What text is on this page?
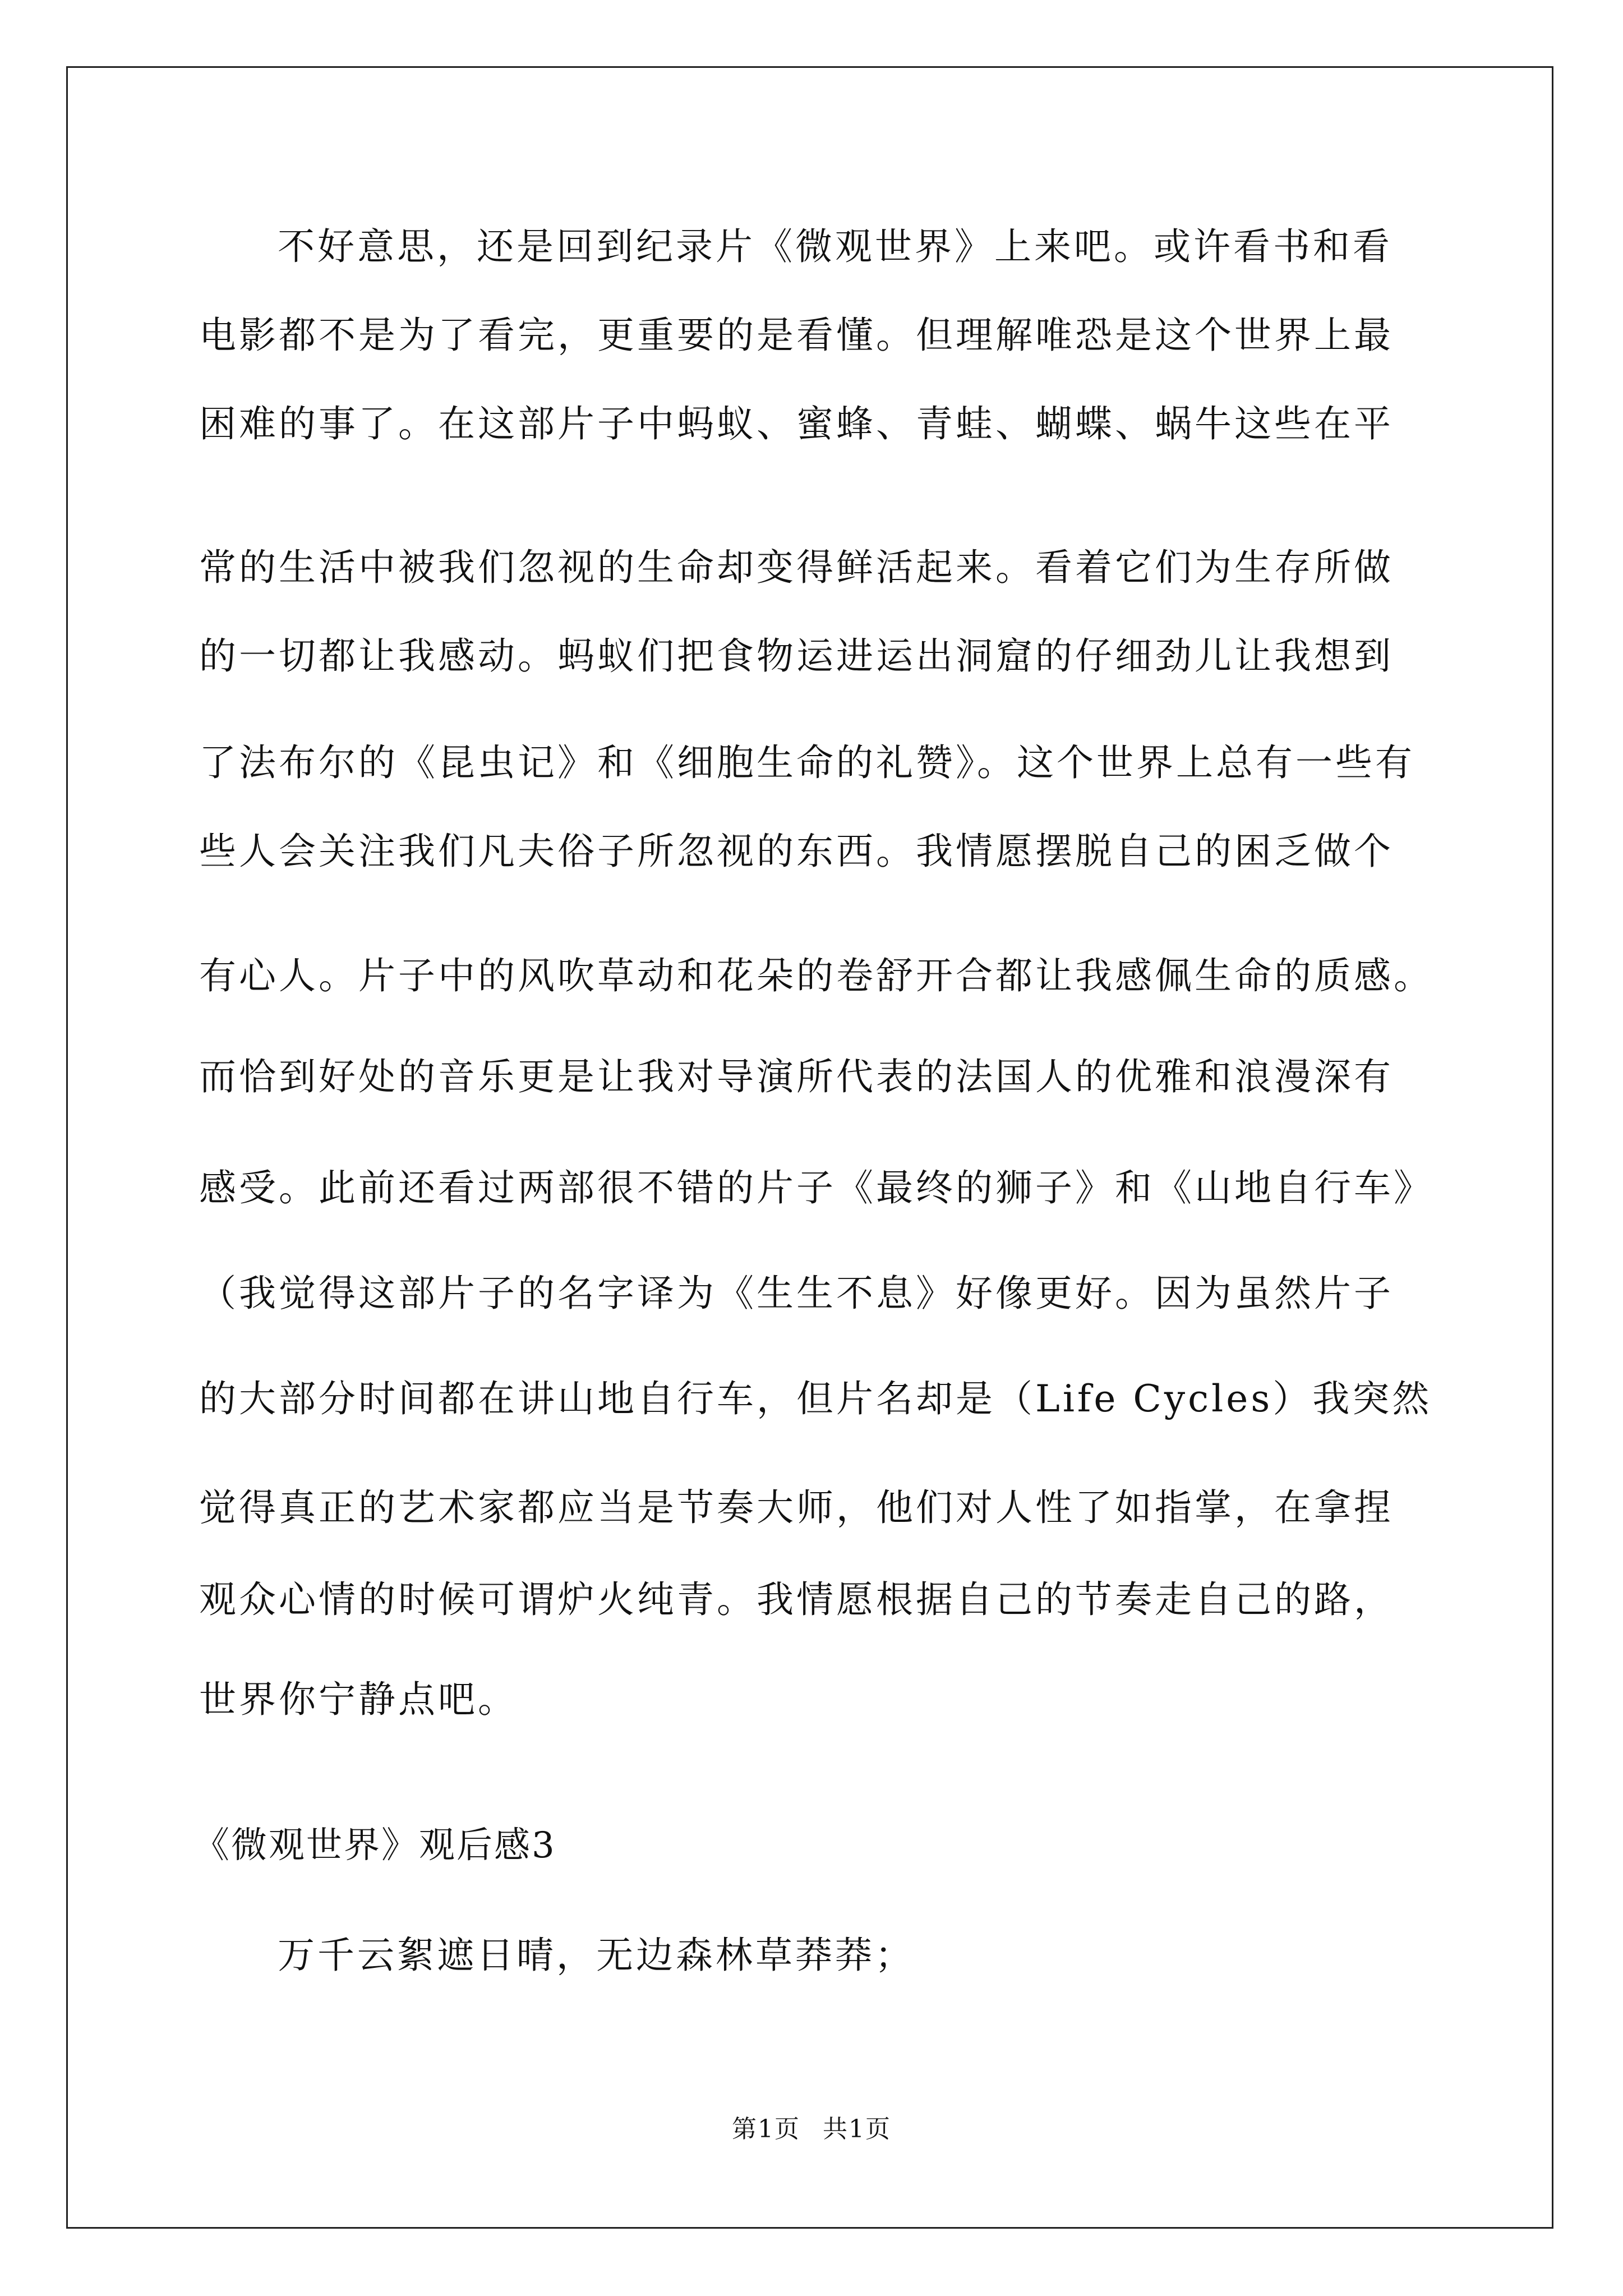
不好意思，还是回到纪录片《微观世界》上来吧。或许看书和看
电影都不是为了看完，更重要的是看懂。但理解唯恐是这个世界上最
困难的事了。在这部片子中蚂蚁、蜜蜂、青蛙、蝴蝶、蜗牛这些在平
常的生活中被我们忽视的生命却变得鲜活起来。看着它们为生存所做
的一切都让我感动。蚂蚁们把食物运进运出洞窟的仔细劲儿让我想到
了法布尔的《昆虫记》和《细胞生命的礼赞》。这个世界上总有一些有
些人会关注我们凡夫俗子所忽视的东西。我情愿摆脱自己的困乏做个
有心人。片子中的风吹草动和花朵的卷舒开合都让我感佩生命的质感。
而恰到好处的音乐更是让我对导演所代表的法国人的优雅和浪漫深有
感受。此前还看过两部很不错的片子《最终的狮子》和《山地自行车》
（我觉得这部片子的名字译为《生生不息》好像更好。因为虽然片子
的大部分时间都在讲山地自行车，但片名却是（Life Cycles）我突然
觉得真正的艺术家都应当是节奏大师，他们对人性了如指掌，在拿捏
观众心情的时候可谓炉火纯青。我情愿根据自己的节奏走自己的路，
世界你宁静点吧。
《微观世界》观后感3
万千云絮遮日晴，无边森林草莽莽；
第1页 共1页
